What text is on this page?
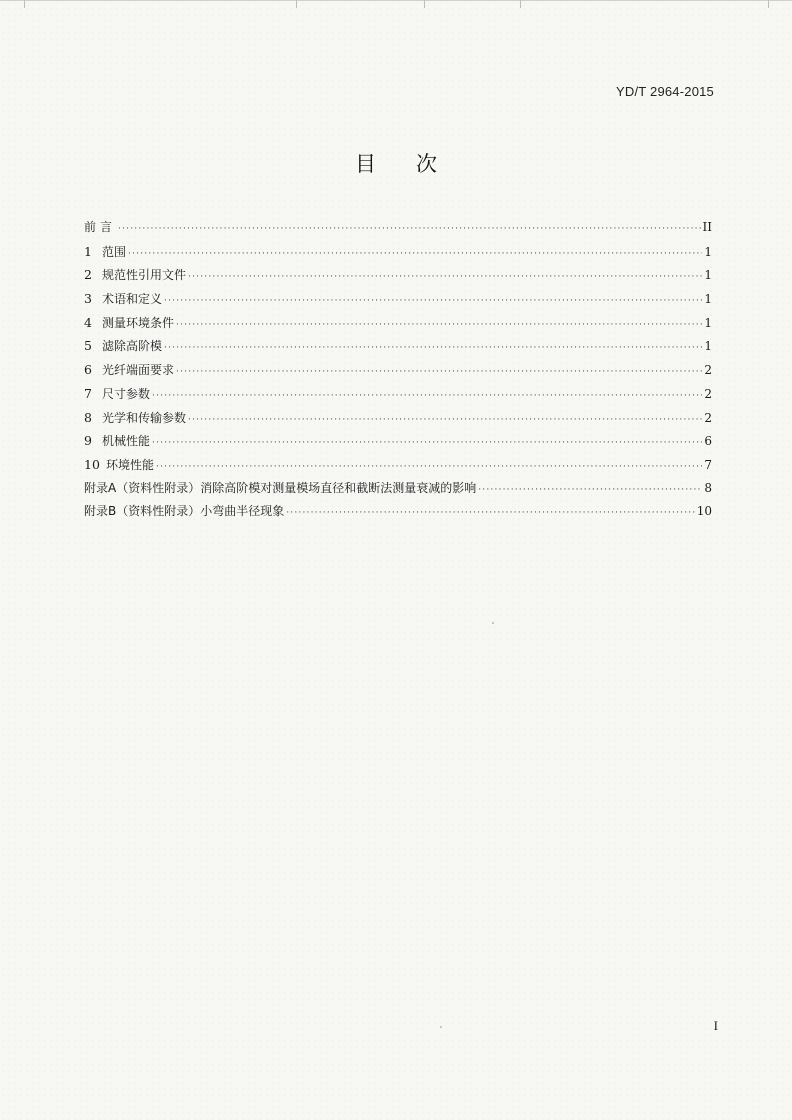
YD/T 2964-2015
目 次
前言 ·····	II
1 范围 ·····	1
2 规范性引用文件 ·····	1
3 术语和定义 ·····	1
4 测量环境条件 ·····	1
5 滤除高阶模 ·····	1
6 光纤端面要求 ·····	2
7 尺寸参数 ·····	2
8 光学和传输参数 ·····	2
9 机械性能 ·····	6
10 环境性能 ·····	7
附录A（资料性附录）消除高阶模对测量模场直径和截断法测量衰减的影响 ·····	8
附录B（资料性附录）小弯曲半径现象 ·····	10
I
